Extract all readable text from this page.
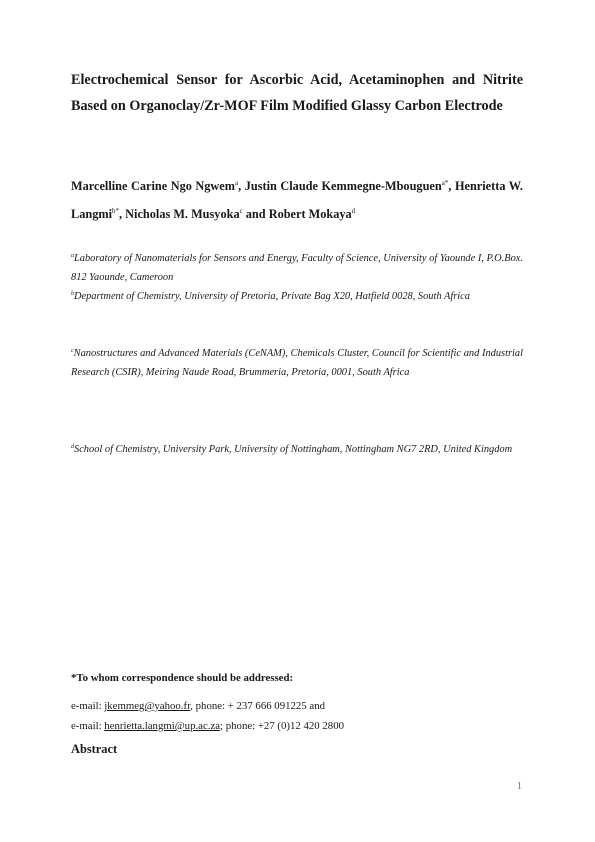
Electrochemical Sensor for Ascorbic Acid, Acetaminophen and Nitrite Based on Organoclay/Zr-MOF Film Modified Glassy Carbon Electrode

Marcelline Carine Ngo Ngwem$^a$, Justin Claude Kemmegne-Mbouguen$^{a*}$, Henrietta W. Langmi$^{b*}$, Nicholas M. Musyoka$^c$ and Robert Mokaya$^d$

$^a$Laboratory of Nanomaterials for Sensors and Energy, Faculty of Science, University of Yaounde I, P.O.Box. 812 Yaounde, Cameroon

$^b$Department of Chemistry, University of Pretoria, Private Bag X20, Hatfield 0028, South Africa

$^c$Nanostructures and Advanced Materials (CeNAM), Chemicals Cluster, Council for Scientific and Industrial Research (CSIR), Meiring Naude Road, Brummeria, Pretoria, 0001, South Africa

$^d$School of Chemistry, University Park, University of Nottingham, Nottingham NG7 2RD, United Kingdom

*To whom correspondence should be addressed:

e-mail: jkemmeg@yahoo.fr, phone: + 237 666 091225 and

e-mail: henrietta.langmi@up.ac.za; phone: +27 (0)12 420 2800

Abstract

1
